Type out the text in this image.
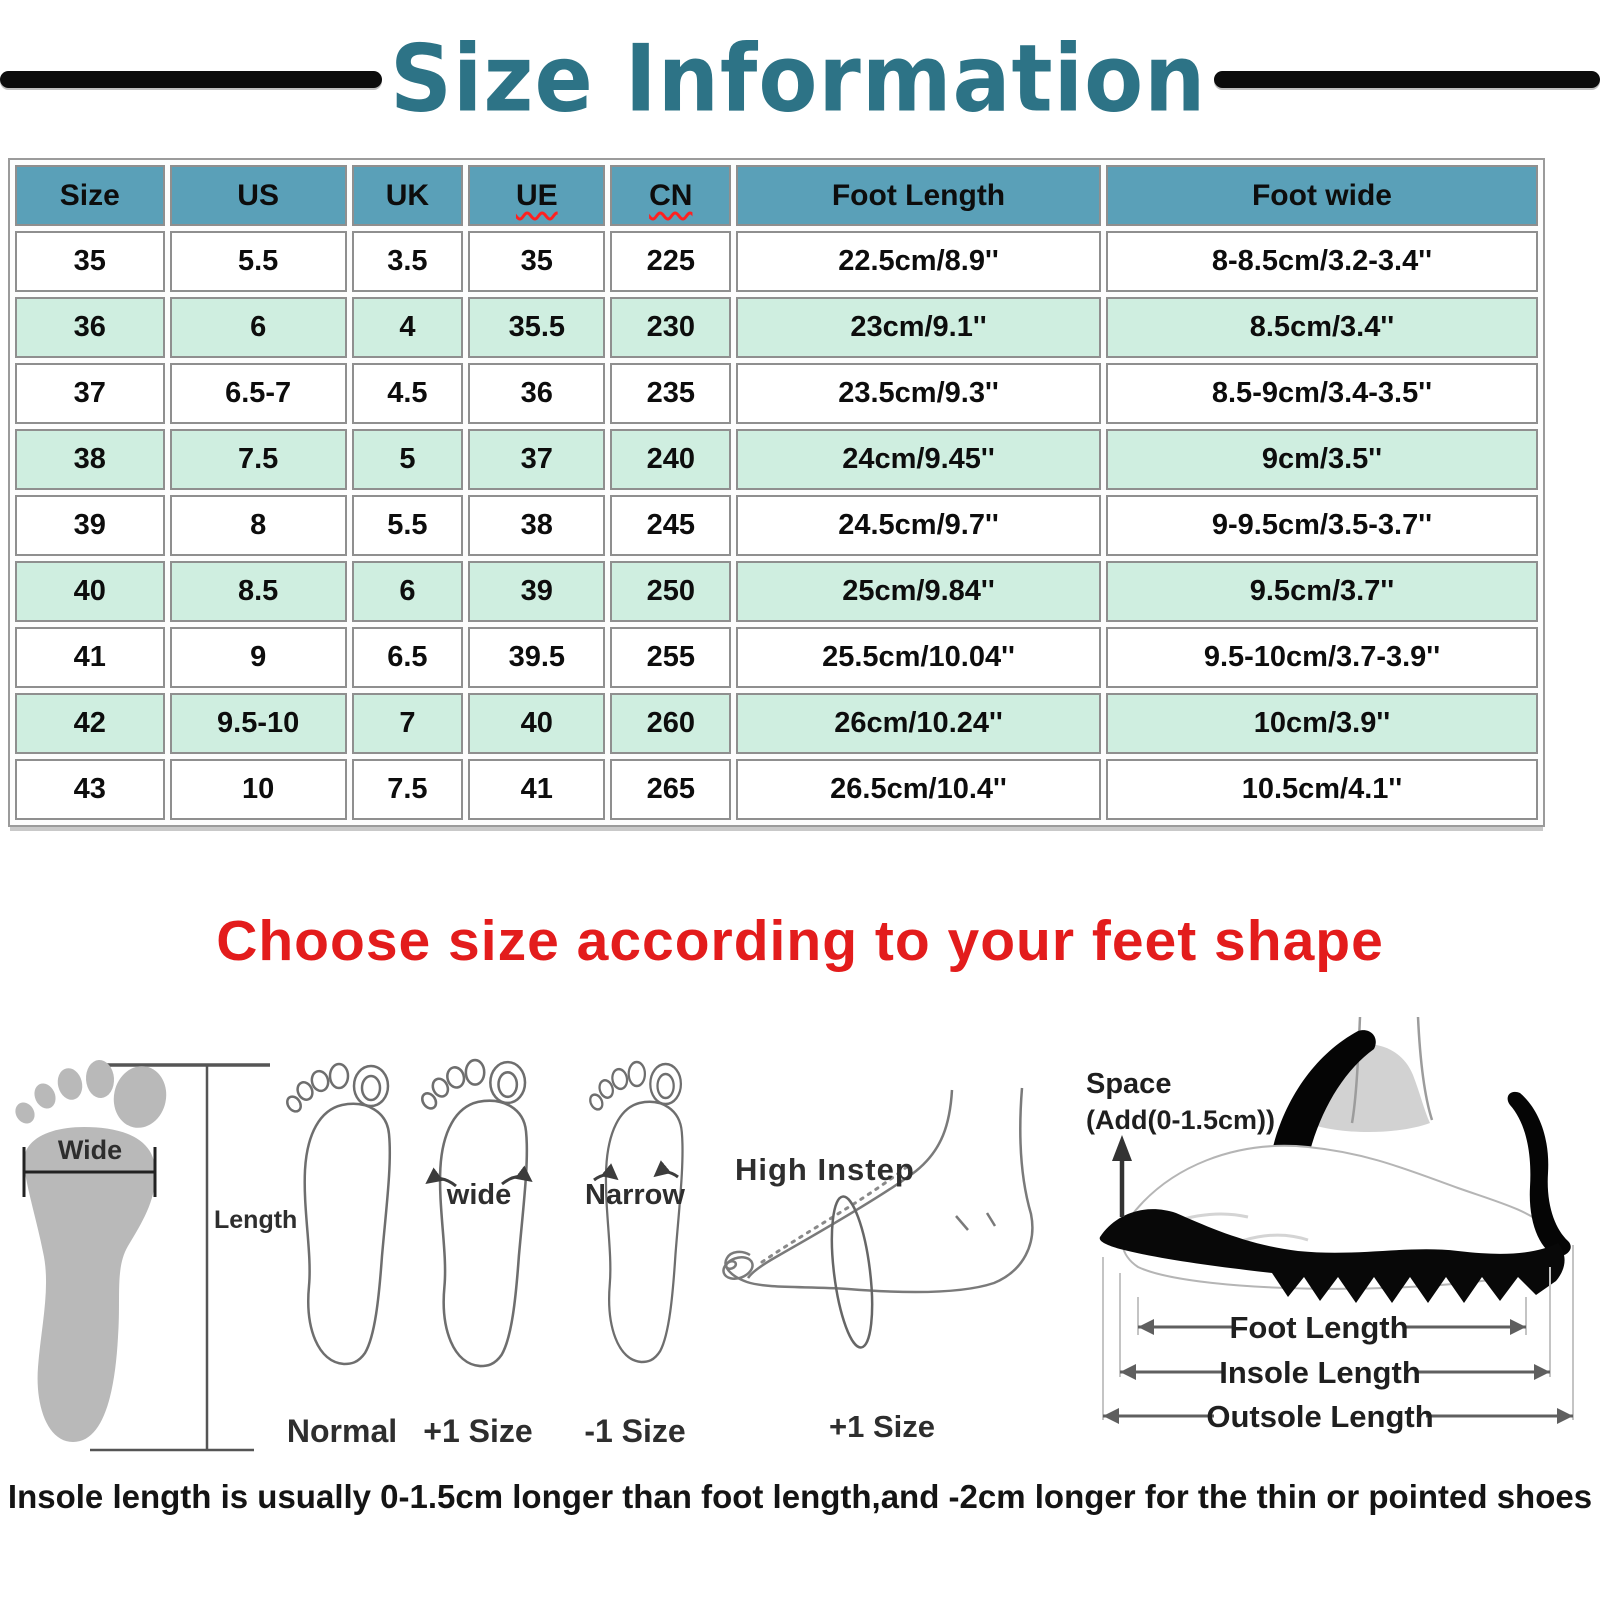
Size Information
Size	US	UK	UE	CN	Foot Length	Foot wide
35	5.5	3.5	35	225	22.5cm/8.9''	8-8.5cm/3.2-3.4''
36	6	4	35.5	230	23cm/9.1''	8.5cm/3.4''
37	6.5-7	4.5	36	235	23.5cm/9.3''	8.5-9cm/3.4-3.5''
38	7.5	5	37	240	24cm/9.45''	9cm/3.5''
39	8	5.5	38	245	24.5cm/9.7''	9-9.5cm/3.5-3.7''
40	8.5	6	39	250	25cm/9.84''	9.5cm/3.7''
41	9	6.5	39.5	255	25.5cm/10.04''	9.5-10cm/3.7-3.9''
42	9.5-10	7	40	260	26cm/10.24''	10cm/3.9''
43	10	7.5	41	265	26.5cm/10.4''	10.5cm/4.1''
Choose size according to your feet shape
Wide
Length
wide	Narrow
Normal +1 Size -1 Size
High Instep
+1 Size
Space
(Add(0-1.5cm))
Foot Length
Insole Length
Outsole Length

Insole length is usually 0-1.5cm longer than foot length,and -2cm longer for the thin or pointed shoes
